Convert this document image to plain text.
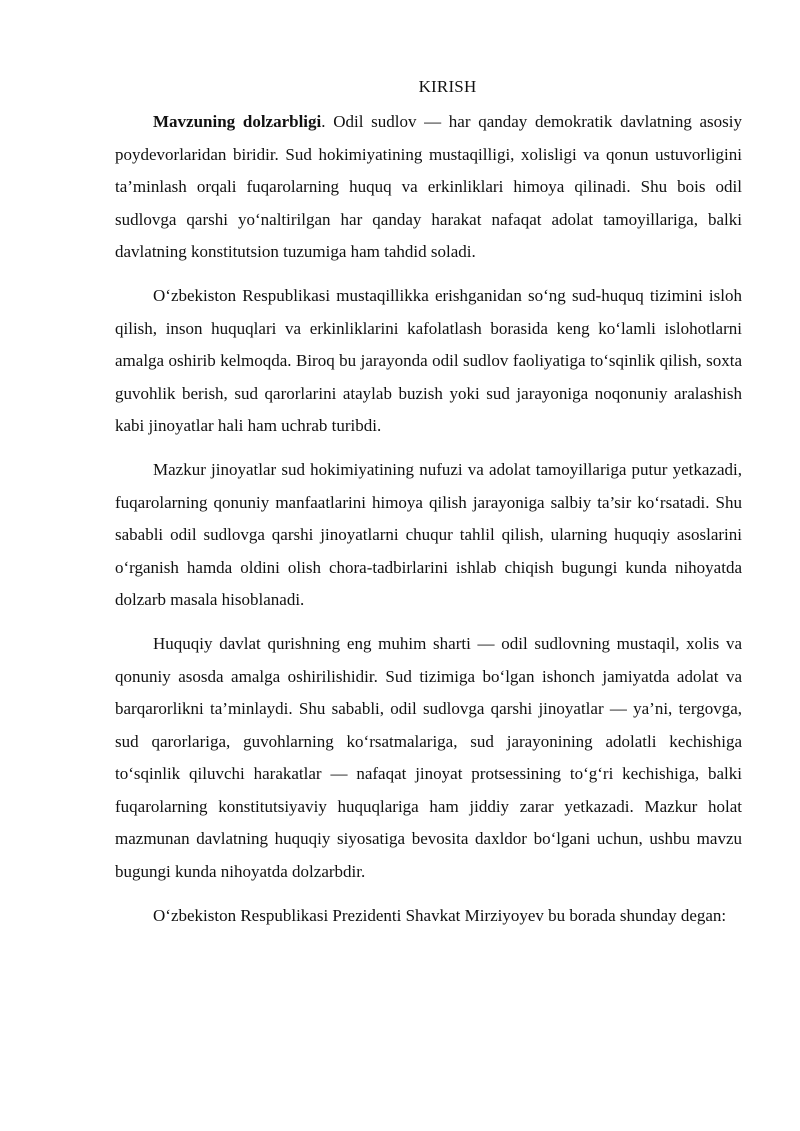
KIRISH

Mavzuning dolzarbligi. Odil sudlov — har qanday demokratik davlatning asosiy poydevorlaridan biridir. Sud hokimiyatining mustaqilligi, xolisligi va qonun ustuvorligini ta’minlash orqali fuqarolarning huquq va erkinliklari himoya qilinadi. Shu bois odil sudlovga qarshi yo‘naltirilgan har qanday harakat nafaqat adolat tamoyillariga, balki davlatning konstitutsion tuzumiga ham tahdid soladi.

O‘zbekiston Respublikasi mustaqillikka erishganidan so‘ng sud-huquq tizimini isloh qilish, inson huquqlari va erkinliklarini kafolatlash borasida keng ko‘lamli islohotlarni amalga oshirib kelmoqda. Biroq bu jarayonda odil sudlov faoliyatiga to‘sqinlik qilish, soxta guvohlik berish, sud qarorlarini ataylab buzish yoki sud jarayoniga noqonuniy aralashish kabi jinoyatlar hali ham uchrab turibdi.

Mazkur jinoyatlar sud hokimiyatining nufuzi va adolat tamoyillariga putur yetkazadi, fuqarolarning qonuniy manfaatlarini himoya qilish jarayoniga salbiy ta’sir ko‘rsatadi. Shu sababli odil sudlovga qarshi jinoyatlarni chuqur tahlil qilish, ularning huquqiy asoslarini o‘rganish hamda oldini olish chora-tadbirlarini ishlab chiqish bugungi kunda nihoyatda dolzarb masala hisoblanadi.

Huquqiy davlat qurishning eng muhim sharti — odil sudlovning mustaqil, xolis va qonuniy asosda amalga oshirilishidir. Sud tizimiga bo‘lgan ishonch jamiyatda adolat va barqarorlikni ta’minlaydi. Shu sababli, odil sudlovga qarshi jinoyatlar — ya’ni, tergovga, sud qarorlariga, guvohlarning ko‘rsatmalariga, sud jarayonining adolatli kechishiga to‘sqinlik qiluvchi harakatlar — nafaqat jinoyat protsessining to‘g‘ri kechishiga, balki fuqarolarning konstitutsiyaviy huquqlariga ham jiddiy zarar yetkazadi. Mazkur holat mazmunan davlatning huquqiy siyosatiga bevosita daxldor bo‘lgani uchun, ushbu mavzu bugungi kunda nihoyatda dolzarbdir.

O‘zbekiston Respublikasi Prezidenti Shavkat Mirziyoyev bu borada shunday degan:
